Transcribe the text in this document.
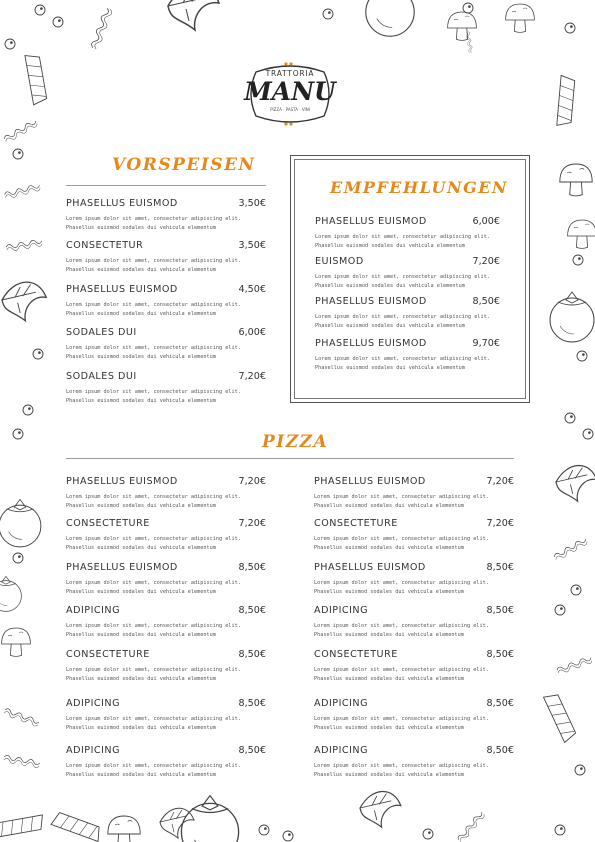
TRATTORIA
MANU
PIZZA · PASTA · VINI
VORSPEISEN
PHASELLUS EUISMOD	3,50€
Lorem ipsum dolor sit amet, consectetur adipiscing elit. Phasellus euismod sodales dui vehicula elementum
CONSECTETUR	3,50€
Lorem ipsum dolor sit amet, consectetur adipiscing elit. Phasellus euismod sodales dui vehicula elementum
PHASELLUS EUISMOD	4,50€
Lorem ipsum dolor sit amet, consectetur adipiscing elit. Phasellus euismod sodales dui vehicula elementum
SODALES DUI	6,00€
Lorem ipsum dolor sit amet, consectetur adipiscing elit. Phasellus euismod sodales dui vehicula elementum
SODALES DUI	7,20€
Lorem ipsum dolor sit amet, consectetur adipiscing elit. Phasellus euismod sodales dui vehicula elementum
EMPFEHLUNGEN
PHASELLUS EUISMOD	6,00€
Lorem ipsum dolor sit amet, consectetur adipiscing elit. Phasellus euismod sodales dui vehicula elementum
EUISMOD	7,20€
Lorem ipsum dolor sit amet, consectetur adipiscing elit. Phasellus euismod sodales dui vehicula elementum
PHASELLUS EUISMOD	8,50€
Lorem ipsum dolor sit amet, consectetur adipiscing elit. Phasellus euismod sodales dui vehicula elementum
PHASELLUS EUISMOD	9,70€
Lorem ipsum dolor sit amet, consectetur adipiscing elit. Phasellus euismod sodales dui vehicula elementum
PIZZA
PHASELLUS EUISMOD	7,20€
Lorem ipsum dolor sit amet, consectetur adipiscing elit. Phasellus euismod sodales dui vehicula elementum
CONSECTETURE	7,20€
Lorem ipsum dolor sit amet, consectetur adipiscing elit. Phasellus euismod sodales dui vehicula elementum
PHASELLUS EUISMOD	8,50€
Lorem ipsum dolor sit amet, consectetur adipiscing elit. Phasellus euismod sodales dui vehicula elementum
ADIPICING	8,50€
Lorem ipsum dolor sit amet, consectetur adipiscing elit. Phasellus euismod sodales dui vehicula elementum
CONSECTETURE	8,50€
Lorem ipsum dolor sit amet, consectetur adipiscing elit. Phasellus euismod sodales dui vehicula elementum
ADIPICING	8,50€
Lorem ipsum dolor sit amet, consectetur adipiscing elit. Phasellus euismod sodales dui vehicula elementum
ADIPICING	8,50€
Lorem ipsum dolor sit amet, consectetur adipiscing elit. Phasellus euismod sodales dui vehicula elementum
PHASELLUS EUISMOD	7,20€
Lorem ipsum dolor sit amet, consectetur adipiscing elit. Phasellus euismod sodales dui vehicula elementum
CONSECTETURE	7,20€
Lorem ipsum dolor sit amet, consectetur adipiscing elit. Phasellus euismod sodales dui vehicula elementum
PHASELLUS EUISMOD	8,50€
Lorem ipsum dolor sit amet, consectetur adipiscing elit. Phasellus euismod sodales dui vehicula elementum
ADIPICING	8,50€
Lorem ipsum dolor sit amet, consectetur adipiscing elit. Phasellus euismod sodales dui vehicula elementum
CONSECTETURE	8,50€
Lorem ipsum dolor sit amet, consectetur adipiscing elit. Phasellus euismod sodales dui vehicula elementum
ADIPICING	8,50€
Lorem ipsum dolor sit amet, consectetur adipiscing elit. Phasellus euismod sodales dui vehicula elementum
ADIPICING	8,50€
Lorem ipsum dolor sit amet, consectetur adipiscing elit. Phasellus euismod sodales dui vehicula elementum
